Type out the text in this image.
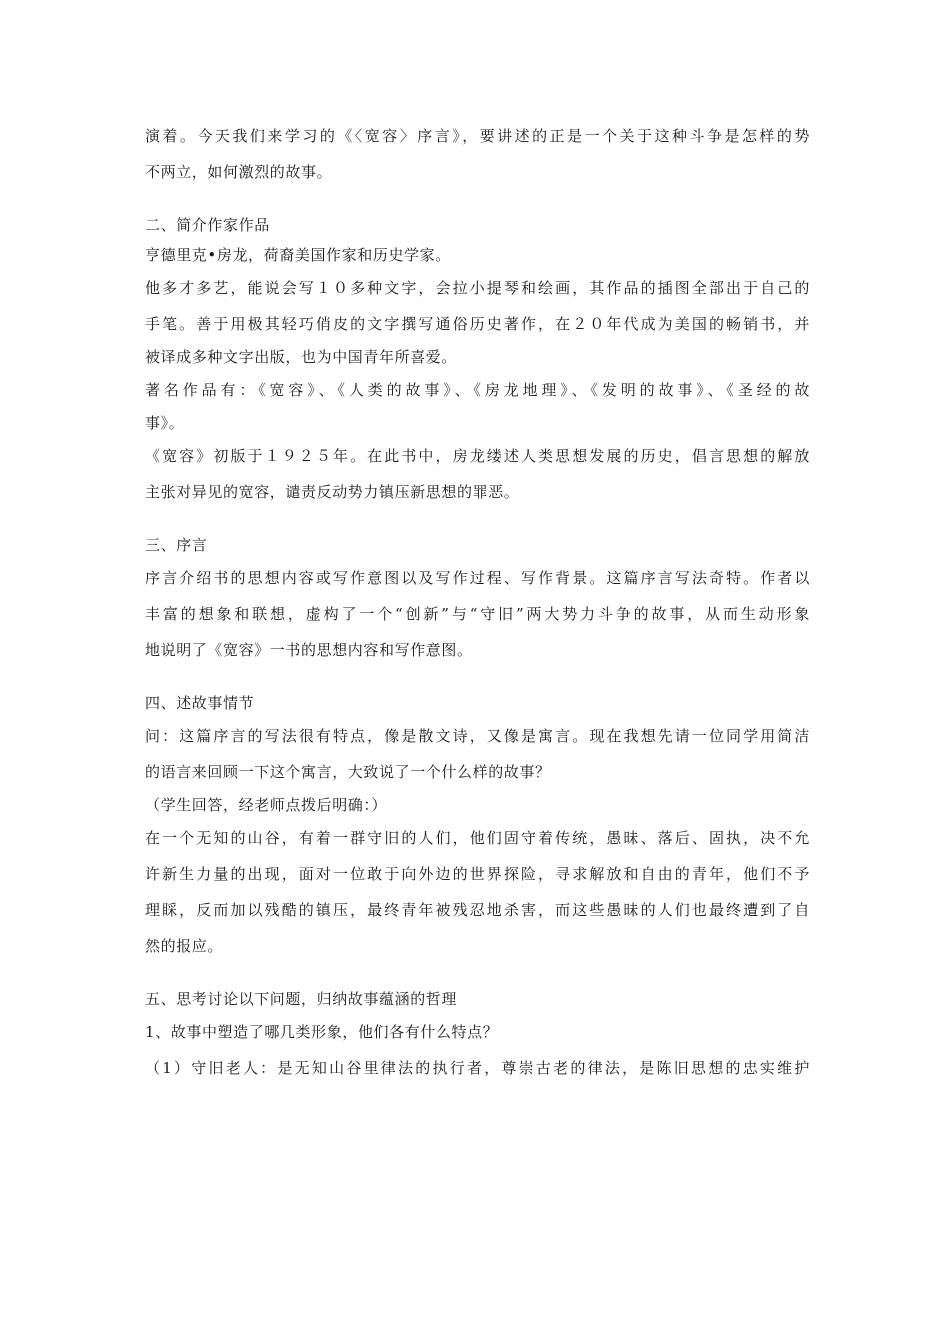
演着。今天我们来学习的《〈宽容〉序言》，要讲述的正是一个关于这种斗争是怎样的势
不两立，如何激烈的故事。
二、简介作家作品
亨德里克•房龙，荷裔美国作家和历史学家。
他多才多艺，能说会写１０多种文字，会拉小提琴和绘画，其作品的插图全部出于自己的
手笔。善于用极其轻巧俏皮的文字撰写通俗历史著作，在２０年代成为美国的畅销书，并
被译成多种文字出版，也为中国青年所喜爱。
著名作品有：《宽容》、《人类的故事》、《房龙地理》、《发明的故事》、《圣经的故
事》。
《宽容》初版于１９２５年。在此书中，房龙缕述人类思想发展的历史，倡言思想的解放
主张对异见的宽容，谴责反动势力镇压新思想的罪恶。
三、序言
序言介绍书的思想内容或写作意图以及写作过程、写作背景。这篇序言写法奇特。作者以
丰富的想象和联想，虚构了一个“创新”与“守旧”两大势力斗争的故事，从而生动形象
地说明了《宽容》一书的思想内容和写作意图。
四、述故事情节
问：这篇序言的写法很有特点，像是散文诗，又像是寓言。现在我想先请一位同学用简洁
的语言来回顾一下这个寓言，大致说了一个什么样的故事？
（学生回答，经老师点拨后明确：）
在一个无知的山谷，有着一群守旧的人们，他们固守着传统，愚昧、落后、固执，决不允
许新生力量的出现，面对一位敢于向外边的世界探险，寻求解放和自由的青年，他们不予
理睬，反而加以残酷的镇压，最终青年被残忍地杀害，而这些愚昧的人们也最终遭到了自
然的报应。
五、思考讨论以下问题，归纳故事蕴涵的哲理
1、故事中塑造了哪几类形象，他们各有什么特点？
（1）守旧老人：是无知山谷里律法的执行者，尊崇古老的律法，是陈旧思想的忠实维护
